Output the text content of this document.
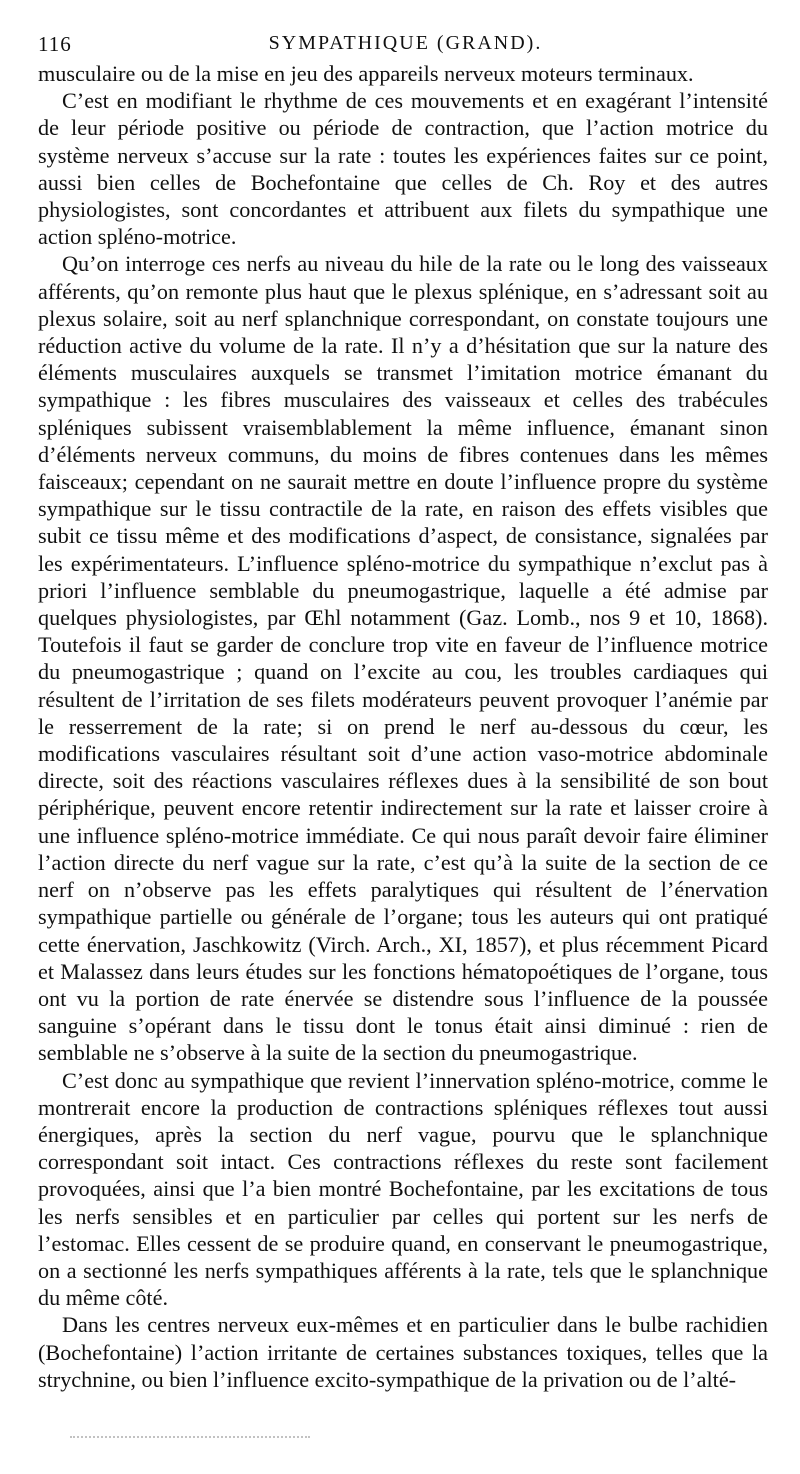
116	SYMPATHIQUE (GRAND).

musculaire ou de la mise en jeu des appareils nerveux moteurs terminaux.

C’est en modifiant le rhythme de ces mouvements et en exagérant l’intensité de leur période positive ou période de contraction, que l’action motrice du système nerveux s’accuse sur la rate : toutes les expériences faites sur ce point, aussi bien celles de Bochefontaine que celles de Ch. Roy et des autres physiologistes, sont concordantes et attribuent aux filets du sympathique une action spléno-motrice.

Qu’on interroge ces nerfs au niveau du hile de la rate ou le long des vaisseaux afférents, qu’on remonte plus haut que le plexus splénique, en s’adressant soit au plexus solaire, soit au nerf splanchnique correspondant, on constate toujours une réduction active du volume de la rate. Il n’y a d’hésitation que sur la nature des éléments musculaires auxquels se transmet l’imitation motrice émanant du sympathique : les fibres musculaires des vaisseaux et celles des trabécules spléniques subissent vraisemblablement la même influence, émanant sinon d’éléments nerveux communs, du moins de fibres contenues dans les mêmes faisceaux; cependant on ne saurait mettre en doute l’influence propre du système sympathique sur le tissu contractile de la rate, en raison des effets visibles que subit ce tissu même et des modifications d’aspect, de consistance, signalées par les expérimentateurs. L’influence spléno-motrice du sympathique n’exclut pas à priori l’influence semblable du pneumogastrique, laquelle a été admise par quelques physiologistes, par Œhl notamment (Gaz. Lomb., nos 9 et 10, 1868). Toutefois il faut se garder de conclure trop vite en faveur de l’influence motrice du pneumogastrique ; quand on l’excite au cou, les troubles cardiaques qui résultent de l’irritation de ses filets modérateurs peuvent provoquer l’anémie par le resserrement de la rate; si on prend le nerf au-dessous du cœur, les modifications vasculaires résultant soit d’une action vaso-motrice abdominale directe, soit des réactions vasculaires réflexes dues à la sensibilité de son bout périphérique, peuvent encore retentir indirectement sur la rate et laisser croire à une influence spléno-motrice immédiate. Ce qui nous paraît devoir faire éliminer l’action directe du nerf vague sur la rate, c’est qu’à la suite de la section de ce nerf on n’observe pas les effets paralytiques qui résultent de l’énervation sympathique partielle ou générale de l’organe; tous les auteurs qui ont pratiqué cette énervation, Jaschkowitz (Virch. Arch., XI, 1857), et plus récemment Picard et Malassez dans leurs études sur les fonctions hématopoétiques de l’organe, tous ont vu la portion de rate énervée se distendre sous l’influence de la poussée sanguine s’opérant dans le tissu dont le tonus était ainsi diminué : rien de semblable ne s’observe à la suite de la section du pneumogastrique.

C’est donc au sympathique que revient l’innervation spléno-motrice, comme le montrerait encore la production de contractions spléniques réflexes tout aussi énergiques, après la section du nerf vague, pourvu que le splanchnique correspondant soit intact. Ces contractions réflexes du reste sont facilement provoquées, ainsi que l’a bien montré Bochefontaine, par les excitations de tous les nerfs sensibles et en particulier par celles qui portent sur les nerfs de l’estomac. Elles cessent de se produire quand, en conservant le pneumogastrique, on a sectionné les nerfs sympathiques afférents à la rate, tels que le splanchnique du même côté.

Dans les centres nerveux eux-mêmes et en particulier dans le bulbe rachidien (Bochefontaine) l’action irritante de certaines substances toxiques, telles que la strychnine, ou bien l’influence excito-sympathique de la privation ou de l’alté-
